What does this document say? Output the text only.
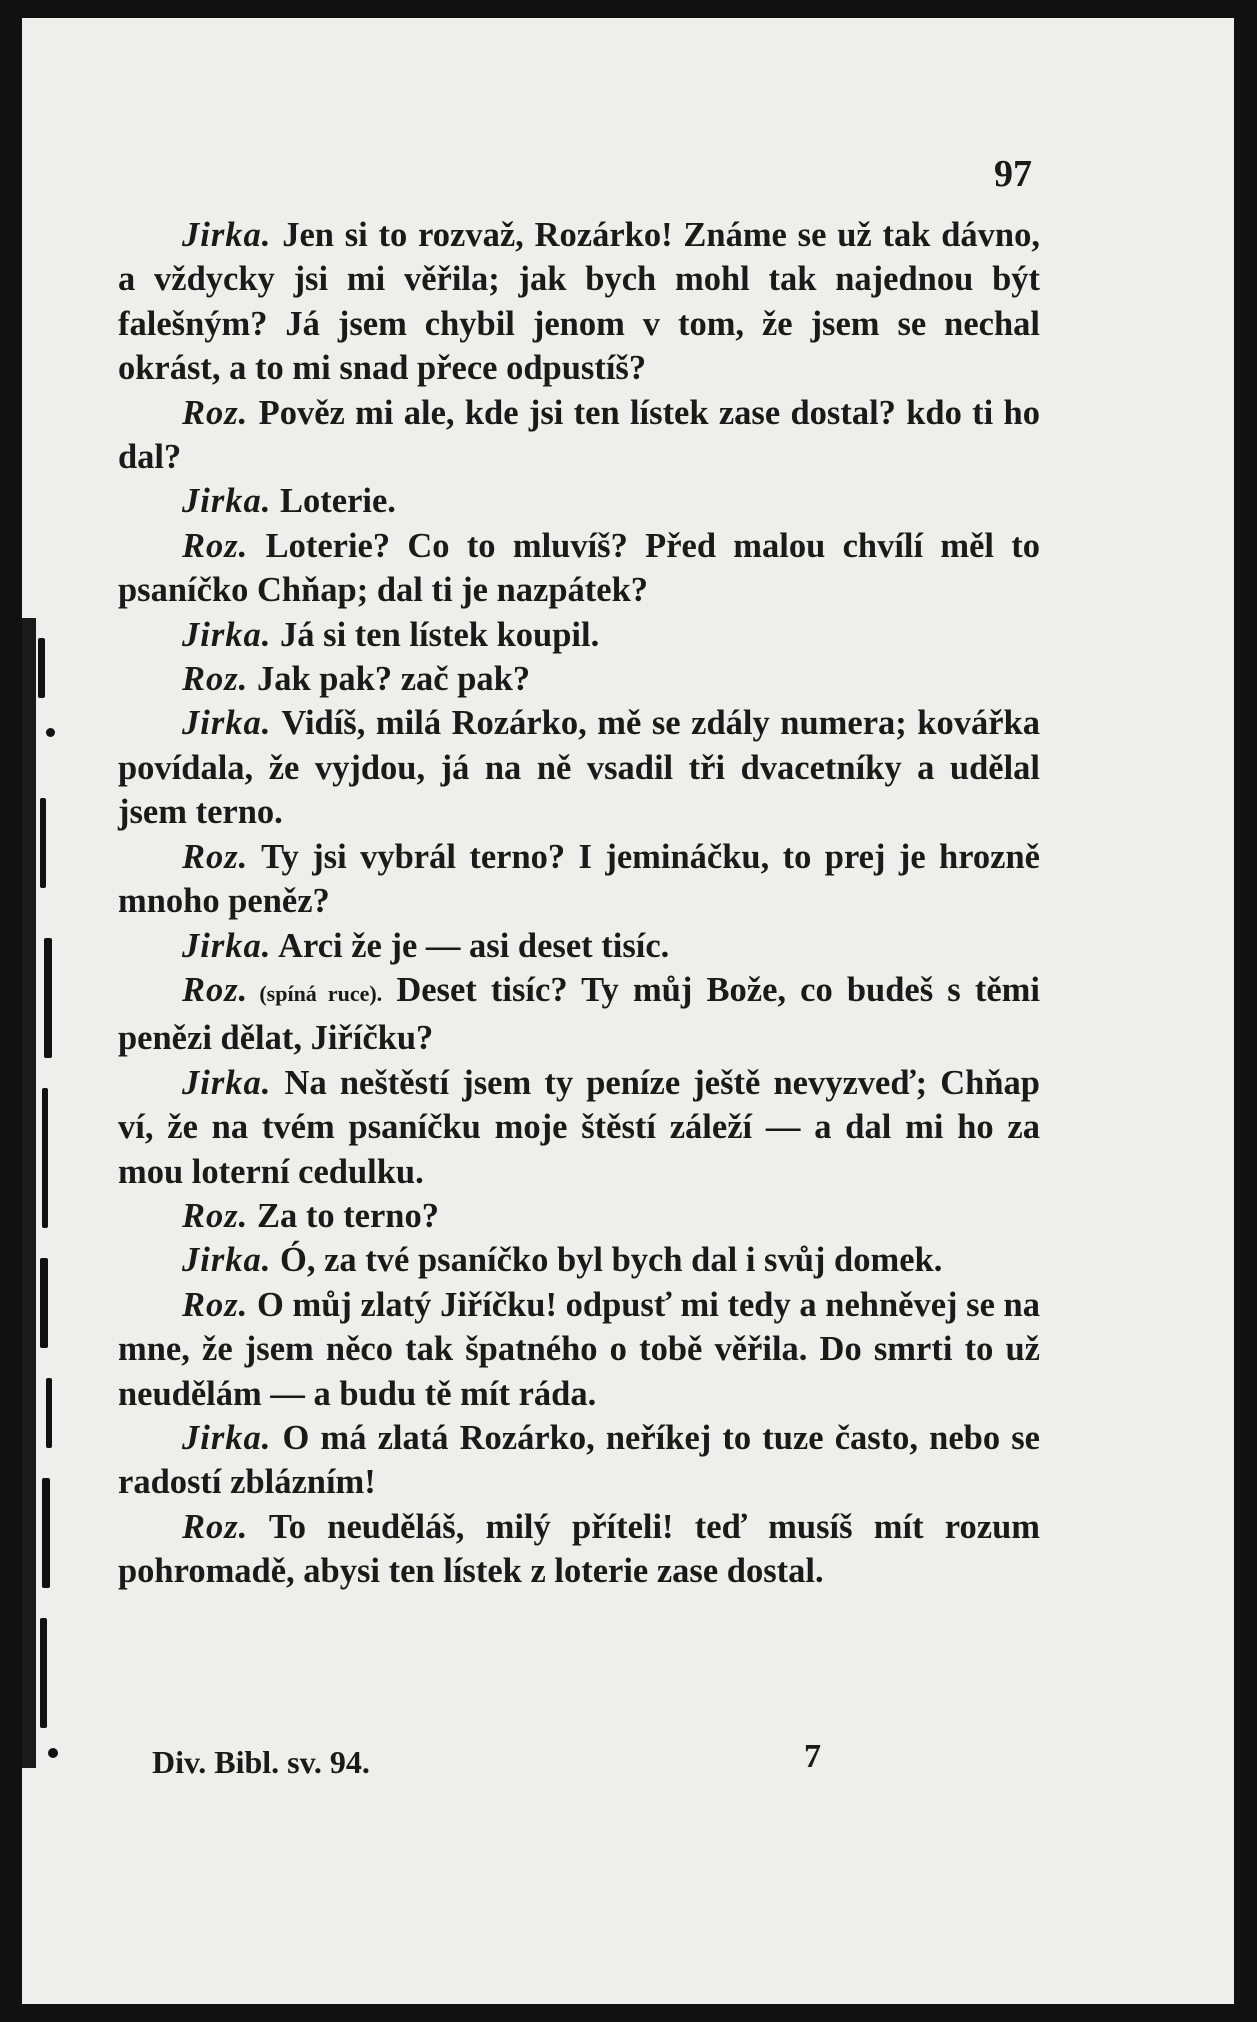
97

Jirka. Jen si to rozvaž, Rozárko! Známe se už tak dávno, a vždycky jsi mi věřila; jak bych mohl tak najednou být falešným? Já jsem chybil jenom v tom, že jsem se nechal okrást, a to mi snad přece odpustíš?

Roz. Pověz mi ale, kde jsi ten lístek zase dostal? kdo ti ho dal?

Jirka. Loterie.

Roz. Loterie? Co to mluvíš? Před malou chvílí měl to psaníčko Chňap; dal ti je nazpátek?

Jirka. Já si ten lístek koupil.

Roz. Jak pak? zač pak?

Jirka. Vidíš, milá Rozárko, mě se zdály numera; kovářka povídala, že vyjdou, já na ně vsadil tři dvacetníky a udělal jsem terno.

Roz. Ty jsi vybrál terno? I jemináčku, to prej je hrozně mnoho peněz?

Jirka. Arci že je — asi deset tisíc.

Roz. (spíná ruce). Deset tisíc? Ty můj Bože, co budeš s těmi penězi dělat, Jiříčku?

Jirka. Na neštěstí jsem ty peníze ještě nevyzveď; Chňap ví, že na tvém psaníčku moje štěstí záleží — a dal mi ho za mou loterní cedulku.

Roz. Za to terno?

Jirka. Ó, za tvé psaníčko byl bych dal i svůj domek.

Roz. O můj zlatý Jiříčku! odpusť mi tedy a nehněvej se na mne, že jsem něco tak špatného o tobě věřila. Do smrti to už neudělám — a budu tě mít ráda.

Jirka. O má zlatá Rozárko, neříkej to tuze často, nebo se radostí zblázním!

Roz. To neuděláš, milý příteli! teď musíš mít rozum pohromadě, abysi ten lístek z loterie zase dostal.

Div. Bibl. sv. 94.	7
